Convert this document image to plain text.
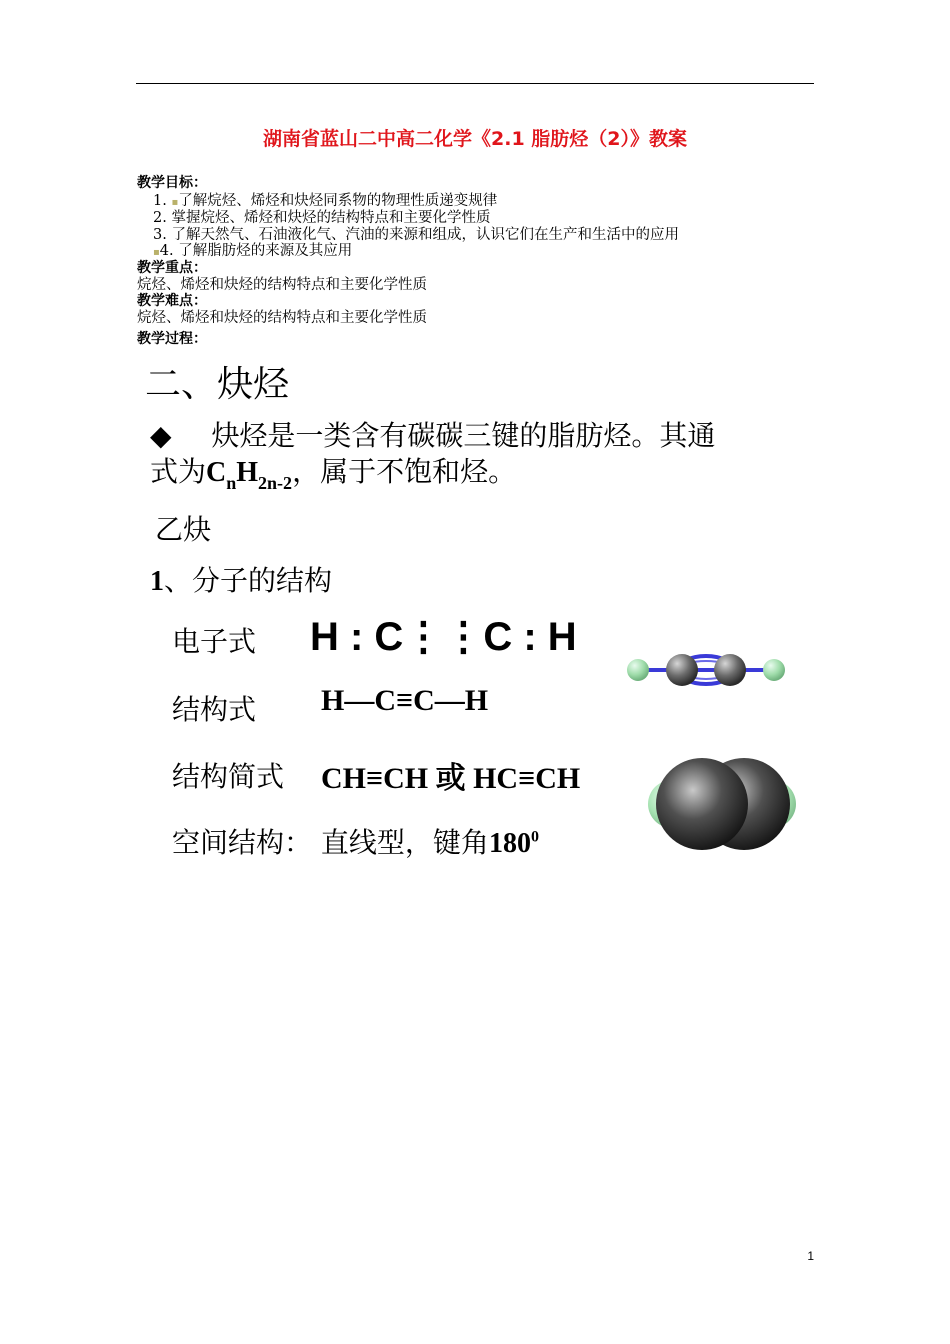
湖南省蓝山二中高二化学《2.1 脂肪烃（2）》教案
教学目标：
1. ▪了解烷烃、烯烃和炔烃同系物的物理性质递变规律
2. 掌握烷烃、烯烃和炔烃的结构特点和主要化学性质
3. 了解天然气、石油液化气、汽油的来源和组成，认识它们在生产和生活中的应用
▪4. 了解脂肪烃的来源及其应用
教学重点：
烷烃、烯烃和炔烃的结构特点和主要化学性质
教学难点：
烷烃、烯烃和炔烃的结构特点和主要化学性质
教学过程：
二、炔烃
◆ 炔烃是一类含有碳碳三键的脂肪烃。其通
式为$C_nH_{2n-2}$，属于不饱和烃。
乙炔
1、分子的结构
电子式 H : C⋮⋮C : H
结构式 H—C≡C—H
结构简式 CH≡CH 或 HC≡CH
空间结构： 直线型，键角$180^0$
1
